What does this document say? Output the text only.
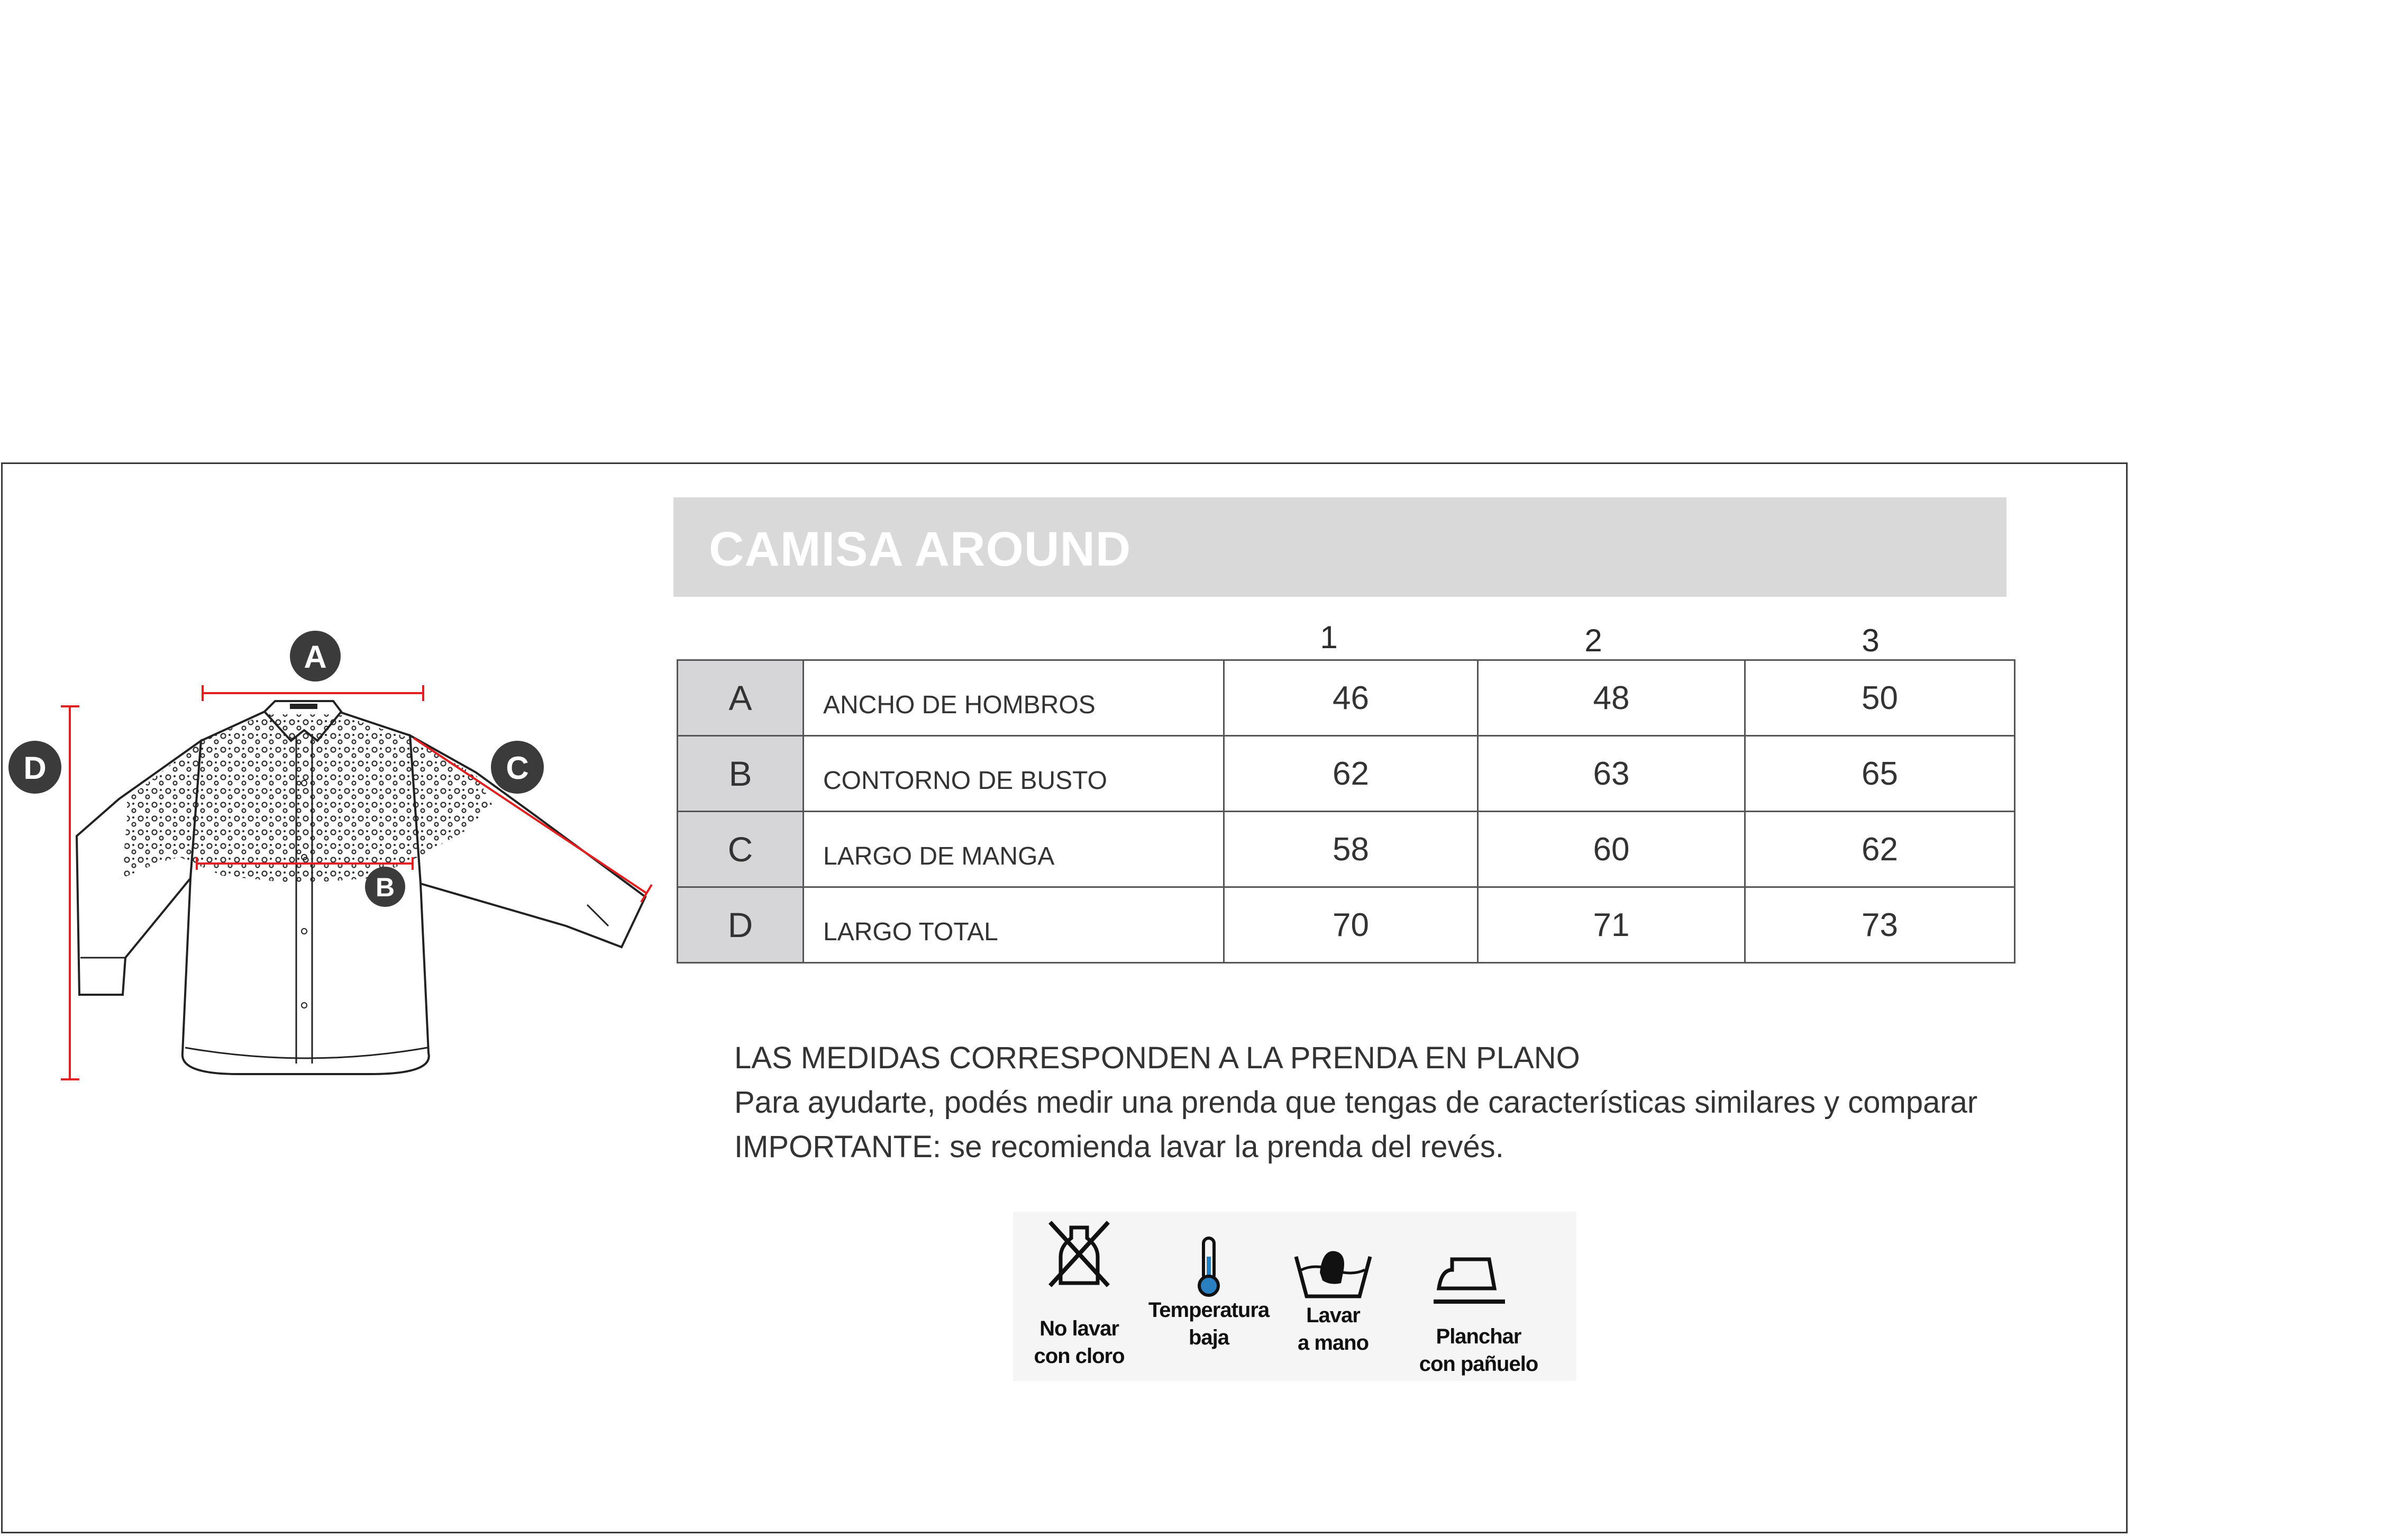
A
B
C
D
CAMISA AROUND
1	2	3
A	ANCHO DE HOMBROS	46	48	50
B	CONTORNO DE BUSTO	62	63	65
C	LARGO DE MANGA	58	60	62
D	LARGO TOTAL	70	71	73
LAS MEDIDAS CORRESPONDEN A LA PRENDA EN PLANO
Para ayudarte, podés medir una prenda que tengas de características similares y comparar
IMPORTANTE: se recomienda lavar la prenda del revés.
No lavar
con cloro
Temperatura
baja
Lavar
a mano	Planchar
con pañuelo
